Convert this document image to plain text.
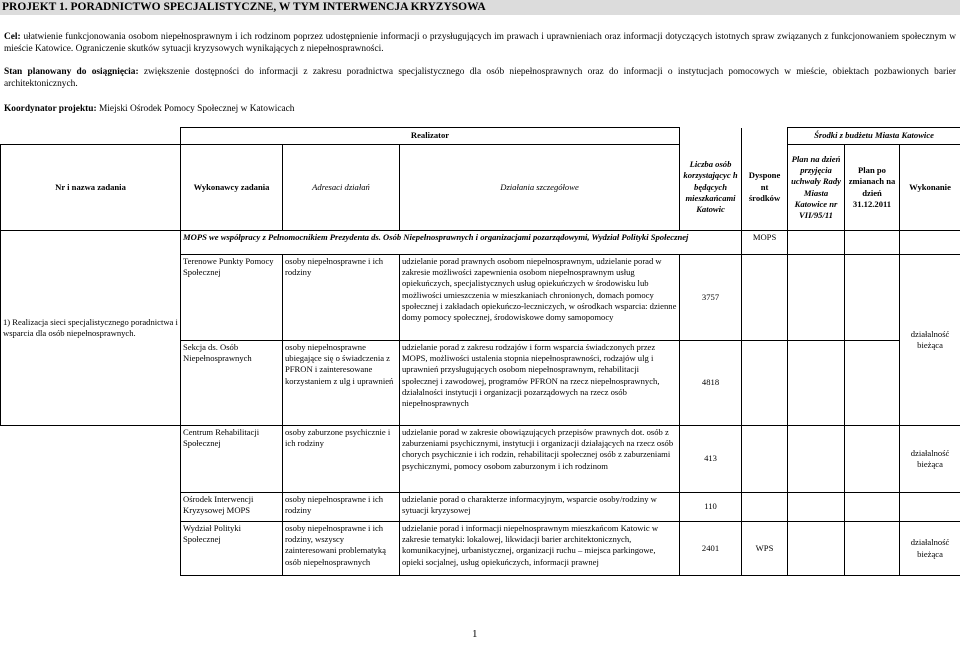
PROJEKT 1. PORADNICTWO SPECJALISTYCZNE, W TYM INTERWENCJA KRYZYSOWA
Cel: ułatwienie funkcjonowania osobom niepełnosprawnym i ich rodzinom poprzez udostępnienie informacji o przysługujących im prawach i uprawnieniach oraz informacji dotyczących istotnych spraw związanych z funkcjonowaniem społecznym w mieście Katowice. Ograniczenie skutków sytuacji kryzysowych wynikających z niepełnosprawności.
Stan planowany do osiągnięcia: zwiększenie dostępności do informacji z zakresu poradnictwa specjalistycznego dla osób niepełnosprawnych oraz do informacji o instytucjach pomocowych w mieście, obiektach pozbawionych barier architektonicznych.
Koordynator projektu: Miejski Ośrodek Pomocy Społecznej w Katowicach
	Realizator					Środki z budżetu Miasta Katowice		
Nr i nazwa zadania	Wykonawcy zadania	Adresaci działań	Działania szczegółowe	Liczba osób korzystającyc h będących mieszkańcami Katowic	Dyspone nt środków	Plan na dzień przyjęcia uchwały Rady Miasta Katowice nr VII/95/11	Plan po zmianach na dzień 31.12.2011	Wykonanie
1) Realizacja sieci specjalistycznego poradnictwa i wsparcia dla osób niepełnosprawnych.	MOPS we współpracy z Pełnomocnikiem Prezydenta ds. Osób Niepełnosprawnych i organizacjami pozarządowymi, Wydział Polityki Społecznej				MOPS			
	Terenowe Punkty Pomocy Społecznej	osoby niepełnosprawne i ich rodziny	udzielanie porad prawnych osobom niepełnosprawnym, udzielanie porad w zakresie możliwości zapewnienia osobom niepełnosprawnym usług opiekuńczych, specjalistycznych usług opiekuńczych w środowisku lub możliwości umieszczenia w mieszkaniach chronionych, domach pomocy społecznej i zakładach opiekuńczo-leczniczych, w ośrodkach wsparcia: dzienne domy pomocy społecznej, środowiskowe domy samopomocy	3757				działalność bieżąca
	Sekcja ds. Osób Niepełnosprawnych	osoby niepełnosprawne ubiegające się o świadczenia z PFRON i zainteresowane korzystaniem z ulg i uprawnień	udzielanie porad z zakresu rodzajów i form wsparcia świadczonych przez MOPS, możliwości ustalenia stopnia niepełnosprawności, rodzajów ulg i uprawnień przysługujących osobom niepełnosprawnym, rehabilitacji społecznej i zawodowej, programów PFRON na rzecz niepełnosprawnych, działalności instytucji i organizacji pozarządowych na rzecz osób niepełnosprawnych	4818				
	Centrum Rehabilitacji Społecznej	osoby zaburzone psychicznie i ich rodziny	udzielanie porad w zakresie obowiązujących przepisów prawnych dot. osób z zaburzeniami psychicznymi, instytucji i organizacji działających na rzecz osób chorych psychicznie i ich rodzin, rehabilitacji społecznej osób z zaburzeniami psychicznymi, pomocy osobom zaburzonym i ich rodzinom	413				działalność bieżąca
	Ośrodek Interwencji Kryzysowej MOPS	osoby niepełnosprawne i ich rodziny	udzielanie porad o charakterze informacyjnym, wsparcie osoby/rodziny w sytuacji kryzysowej	110				
	Wydział Polityki Społecznej	osoby niepełnosprawne i ich rodziny, wszyscy zainteresowani problematyką osób niepełnosprawnych	udzielanie porad i informacji niepełnosprawnym mieszkańcom Katowic w zakresie tematyki: lokalowej, likwidacji barier architektonicznych, komunikacyjnej, urbanistycznej, organizacji ruchu – miejsca parkingowe, opieki socjalnej, usług opiekuńczych, informacji prawnej	2401	WPS			działalność bieżąca
1
